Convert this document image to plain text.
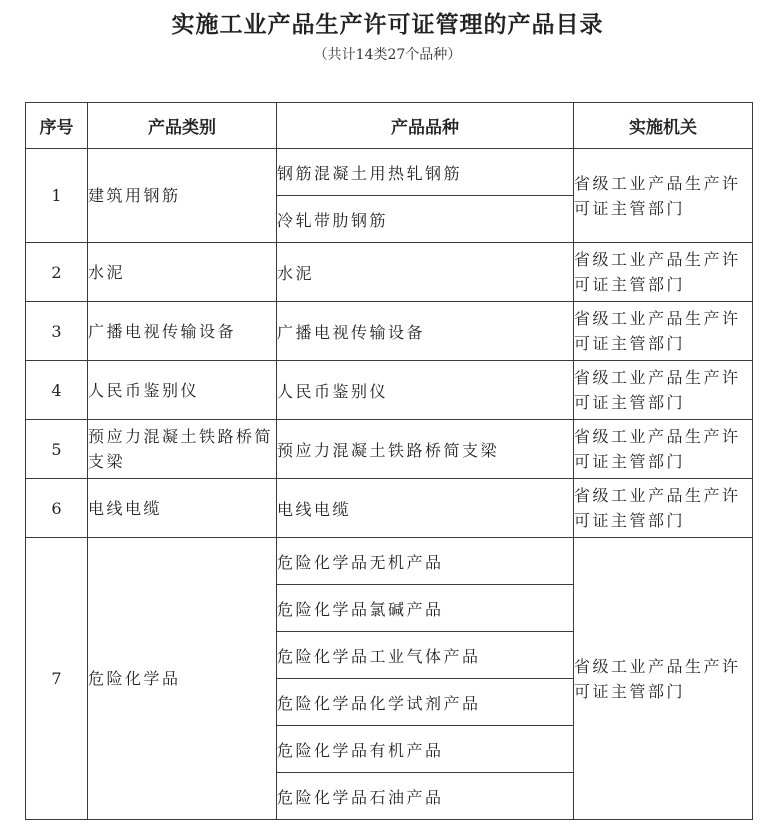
实施工业产品生产许可证管理的产品目录
（共计14类27个品种）
序号	产品类别	产品品种	实施机关
1	建筑用钢筋	钢筋混凝土用热轧钢筋	省级工业产品生产许可证主管部门
		冷轧带肋钢筋	
2	水泥	水泥	省级工业产品生产许可证主管部门
3	广播电视传输设备	广播电视传输设备	省级工业产品生产许可证主管部门
4	人民币鉴别仪	人民币鉴别仪	省级工业产品生产许可证主管部门
5	预应力混凝土铁路桥简支梁	预应力混凝土铁路桥简支梁	省级工业产品生产许可证主管部门
6	电线电缆	电线电缆	省级工业产品生产许可证主管部门
7	危险化学品	危险化学品无机产品	省级工业产品生产许可证主管部门
		危险化学品氯碱产品	
		危险化学品工业气体产品	
		危险化学品化学试剂产品	
		危险化学品有机产品	
		危险化学品石油产品	
